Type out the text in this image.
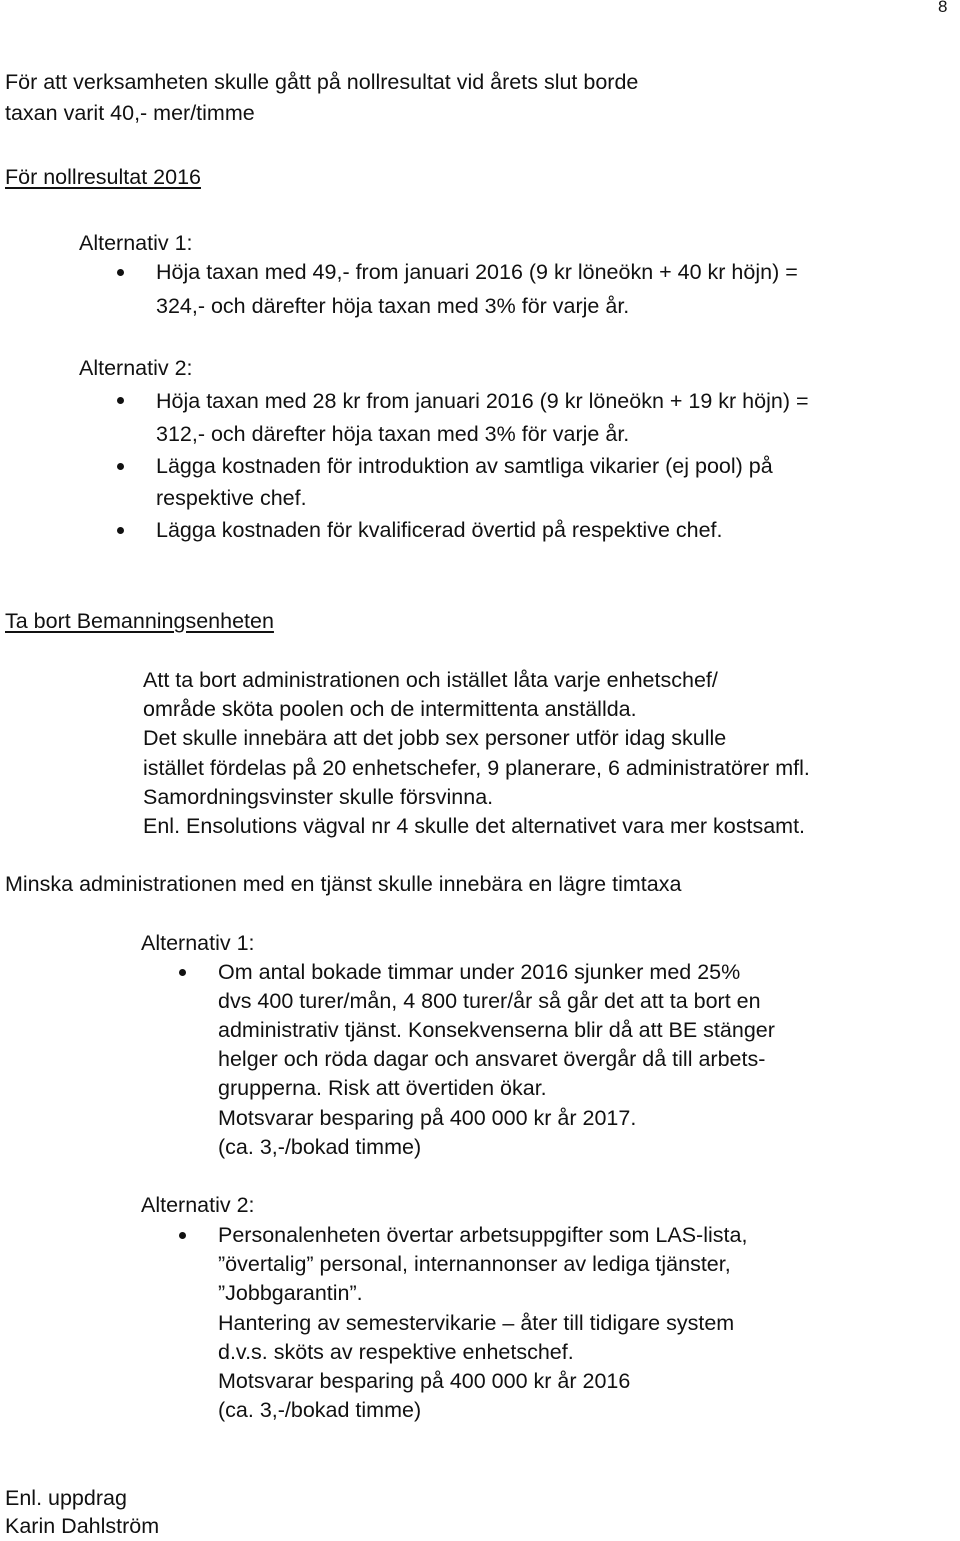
8
För att verksamheten skulle gått på nollresultat vid årets slut borde
taxan varit 40,- mer/timme
För nollresultat 2016
Alternativ 1:
Höja taxan med 49,- from januari 2016 (9 kr löneökn + 40 kr höjn) =
324,- och därefter höja taxan med 3% för varje år.
Alternativ 2:
Höja taxan med 28 kr from januari 2016 (9 kr löneökn + 19 kr höjn) =
312,- och därefter höja taxan med 3% för varje år.
Lägga kostnaden för introduktion av samtliga vikarier (ej pool) på
respektive chef.
Lägga kostnaden för kvalificerad övertid på respektive chef.
Ta bort Bemanningsenheten
Att ta bort administrationen och istället låta varje enhetschef/
område sköta poolen och de intermittenta anställda.
Det skulle innebära att det jobb sex personer utför idag skulle
istället fördelas på 20 enhetschefer, 9 planerare, 6 administratörer mfl.
Samordningsvinster skulle försvinna.
Enl. Ensolutions vägval nr 4 skulle det alternativet vara mer kostsamt.
Minska administrationen med en tjänst skulle innebära en lägre timtaxa
Alternativ 1:
Om antal bokade timmar under 2016 sjunker med 25%
dvs 400 turer/mån, 4 800 turer/år så går det att ta bort en
administrativ tjänst. Konsekvenserna blir då att BE stänger
helger och röda dagar och ansvaret övergår då till arbets-
grupperna. Risk att övertiden ökar.
Motsvarar besparing på 400 000 kr år 2017.
(ca. 3,-/bokad timme)
Alternativ 2:
Personalenheten övertar arbetsuppgifter som LAS-lista,
”övertalig” personal, internannonser av lediga tjänster,
”Jobbgarantin”.
Hantering av semestervikarie – åter till tidigare system
d.v.s. sköts av respektive enhetschef.
Motsvarar besparing på 400 000 kr år 2016
(ca. 3,-/bokad timme)
Enl. uppdrag
Karin Dahlström
